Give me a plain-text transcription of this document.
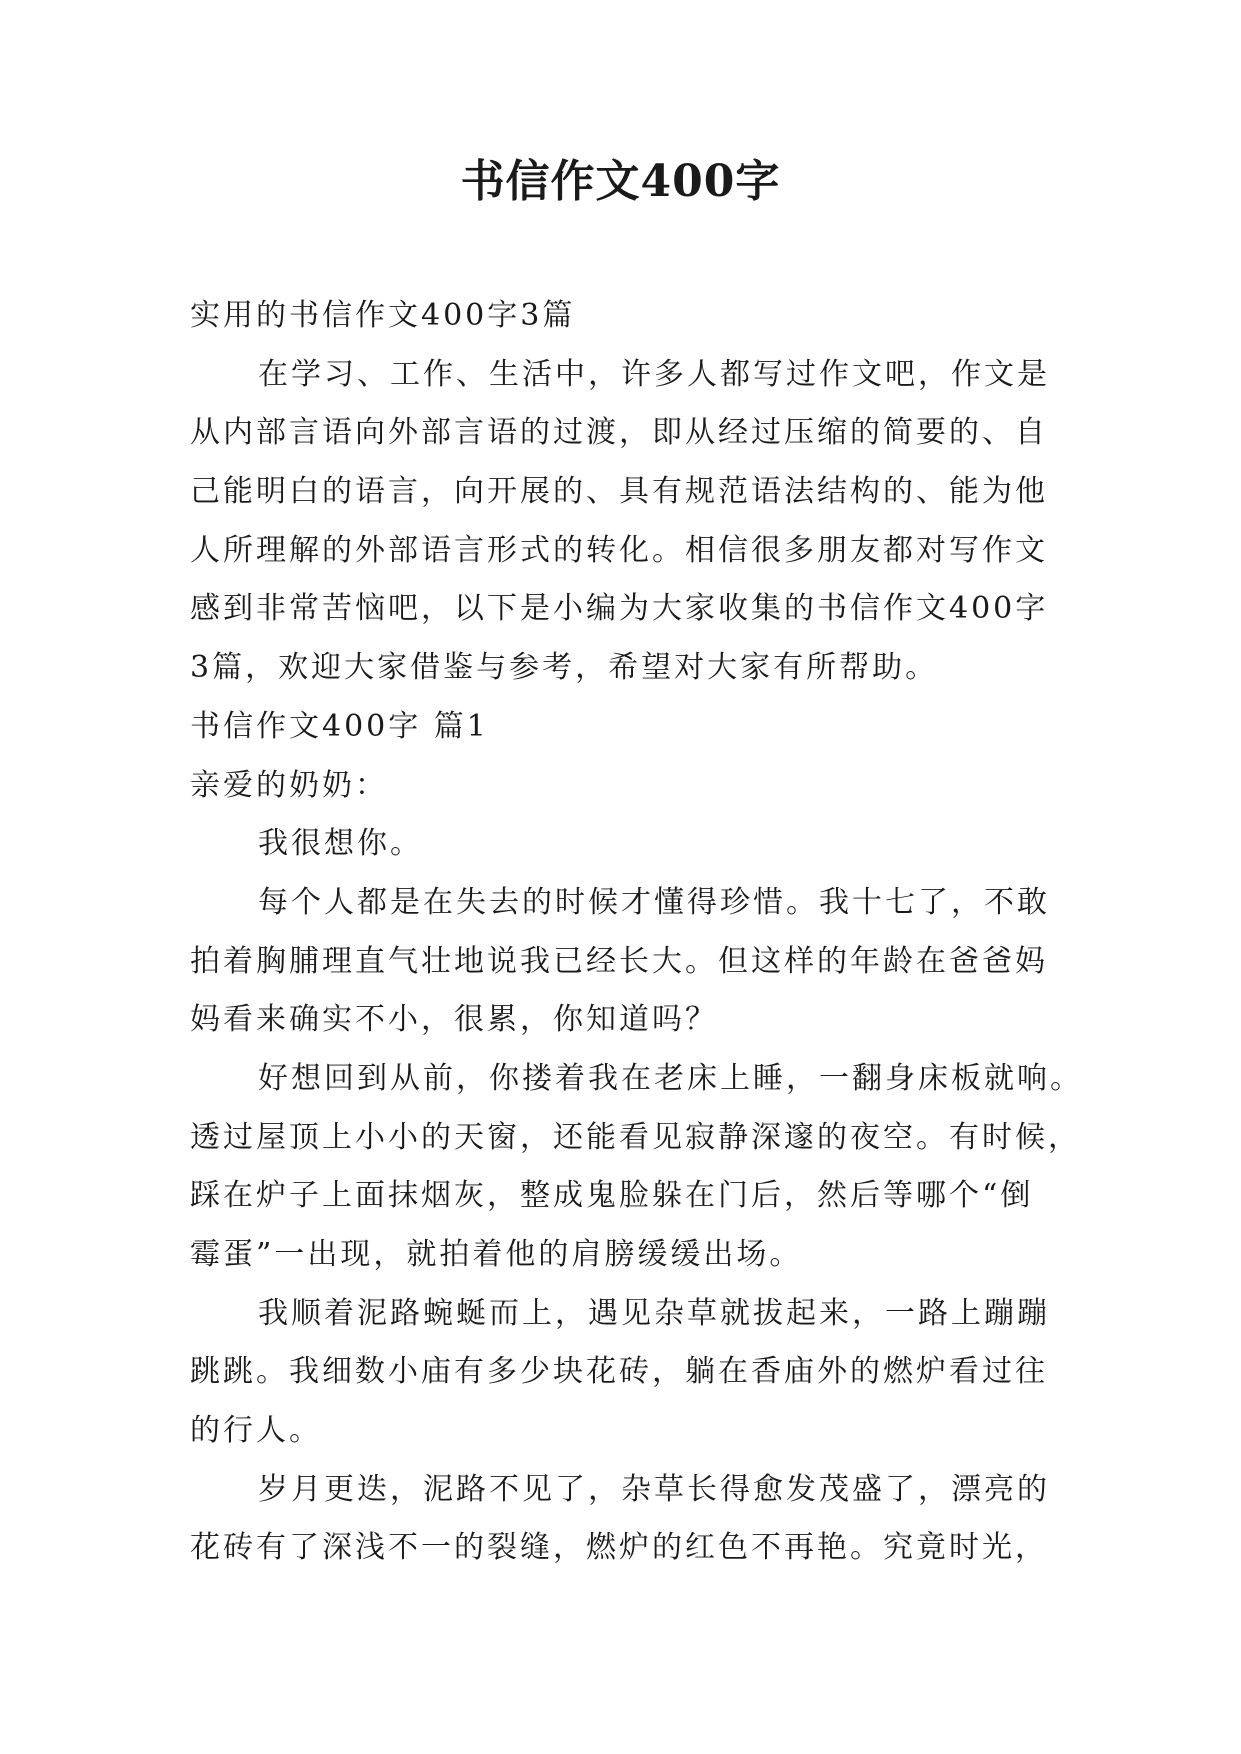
书信作文400字

实用的书信作文400字3篇

在学习、工作、生活中，许多人都写过作文吧，作文是

从内部言语向外部言语的过渡，即从经过压缩的简要的、自

己能明白的语言，向开展的、具有规范语法结构的、能为他

人所理解的外部语言形式的转化。相信很多朋友都对写作文

感到非常苦恼吧，以下是小编为大家收集的书信作文400字

3篇，欢迎大家借鉴与参考，希望对大家有所帮助。

书信作文400字 篇1

亲爱的奶奶：

我很想你。

每个人都是在失去的时候才懂得珍惜。我十七了，不敢

拍着胸脯理直气壮地说我已经长大。但这样的年龄在爸爸妈

妈看来确实不小，很累，你知道吗？

好想回到从前，你搂着我在老床上睡，一翻身床板就响。

透过屋顶上小小的天窗，还能看见寂静深邃的夜空。有时候，

踩在炉子上面抹烟灰，整成鬼脸躲在门后，然后等哪个“倒

霉蛋”一出现，就拍着他的肩膀缓缓出场。

我顺着泥路蜿蜒而上，遇见杂草就拔起来，一路上蹦蹦

跳跳。我细数小庙有多少块花砖，躺在香庙外的燃炉看过往

的行人。

岁月更迭，泥路不见了，杂草长得愈发茂盛了，漂亮的

花砖有了深浅不一的裂缝，燃炉的红色不再艳。究竟时光，
